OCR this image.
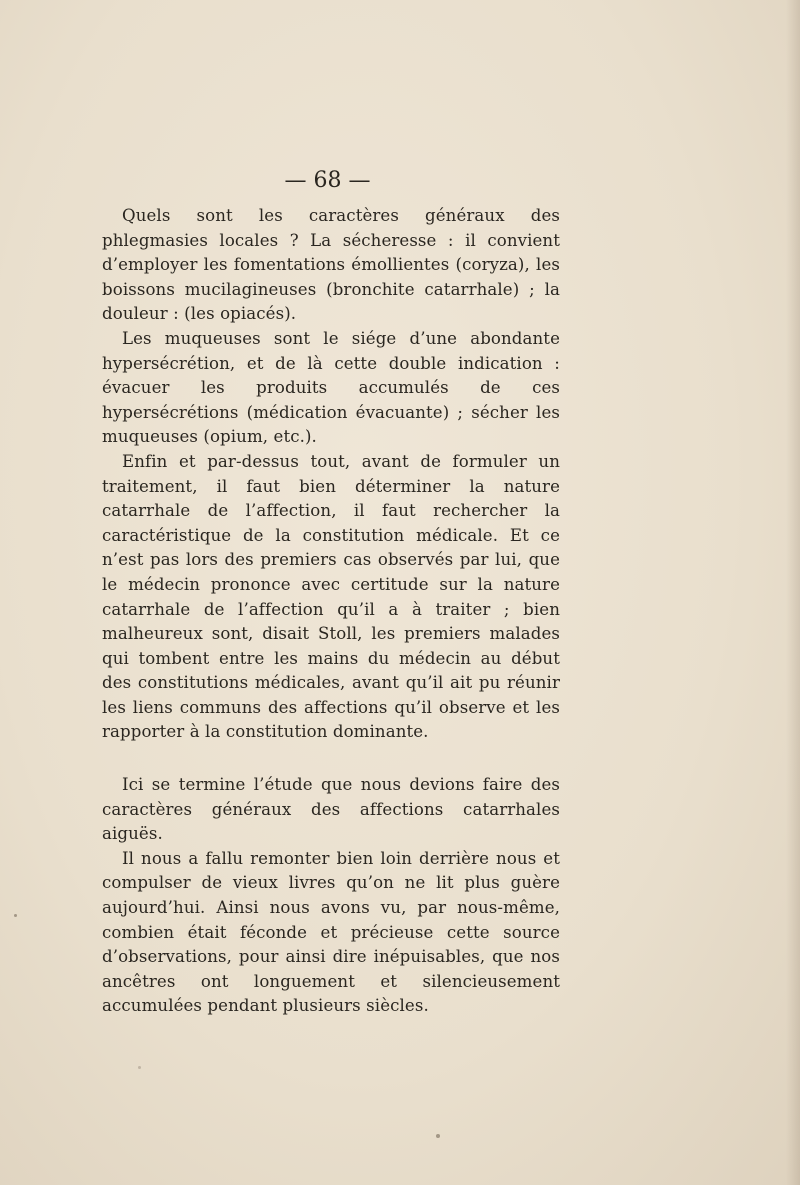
— 68 —

Quels sont les caractères généraux des phlegmasies locales ? La sécheresse : il convient d’employer les fomentations émollientes (coryza), les boissons mucilagineuses (bronchite catarrhale) ; la douleur : (les opiacés).

Les muqueuses sont le siége d’une abondante hypersécrétion, et de là cette double indication : évacuer les produits accumulés de ces hypersécrétions (médication évacuante) ; sécher les muqueuses (opium, etc.).

Enfin et par-dessus tout, avant de formuler un traitement, il faut bien déterminer la nature catarrhale de l’affection, il faut rechercher la caractéristique de la constitution médicale. Et ce n’est pas lors des premiers cas observés par lui, que le médecin prononce avec certitude sur la nature catarrhale de l’affection qu’il a à traiter ; bien malheureux sont, disait Stoll, les premiers malades qui tombent entre les mains du médecin au début des constitutions médicales, avant qu’il ait pu réunir les liens communs des affections qu’il observe et les rapporter à la constitution dominante.

Ici se termine l’étude que nous devions faire des caractères généraux des affections catarrhales aiguës.

Il nous a fallu remonter bien loin derrière nous et compulser de vieux livres qu’on ne lit plus guère aujourd’hui. Ainsi nous avons vu, par nous-même, combien était féconde et précieuse cette source d’observations, pour ainsi dire inépuisables, que nos ancêtres ont longuement et silencieusement accumulées pendant plusieurs siècles.
